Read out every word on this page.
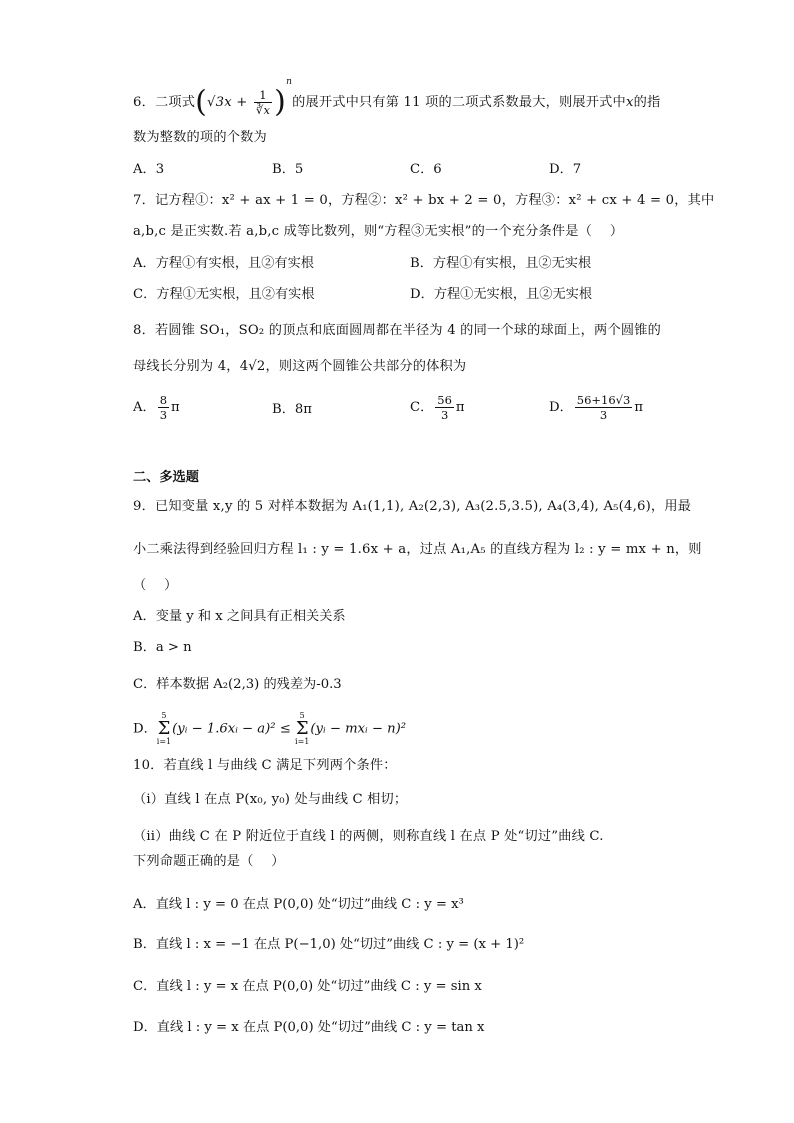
6．二项式$(√3x + \frac{1}{∛x} )^n$的展开式中只有第 11 项的二项式系数最大，则展开式中x的指
数为整数的项的个数为
A．3	B．5	C．6	D．7
7．记方程①：x² + ax + 1 = 0，方程②：x² + bx + 2 = 0，方程③：x² + cx + 4 = 0，其中
a,b,c 是正实数.若 a,b,c 成等比数列，则“方程③无实根”的一个充分条件是（　 ）
A．方程①有实根，且②有实根	B．方程①有实根，且②无实根
C．方程①无实根，且②有实根	D．方程①无实根，且②无实根
8．若圆锥 SO₁，SO₂ 的顶点和底面圆周都在半径为 4 的同一个球的球面上，两个圆锥的
母线长分别为 4，4√2，则这两个圆锥公共部分的体积为
A． $\frac{8}{3}$ π	B．8π	C． $\frac{56}{3}$ π	D． $\frac{56+16√3}{3}$ π
二、多选题
9．已知变量 x,y 的 5 对样本数据为 A₁(1,1), A₂(2,3), A₃(2.5,3.5), A₄(3,4), A₅(4,6)，用最
小二乘法得到经验回归方程 l₁ : y = 1.6x + a，过点 A₁,A₅ 的直线方程为 l₂ : y = mx + n，则
（　 ）
A．变量 y 和 x 之间具有正相关关系
B．a > n
C．样本数据 A₂(2,3) 的残差为-0.3
D．
5
Σ
i=1
(yᵢ − 1.6xᵢ − a)² ≤
5
Σ
i=1
(yᵢ − mxᵢ − n)²
10．若直线 l 与曲线 C 满足下列两个条件：
（i）直线 l 在点 P(x₀, y₀) 处与曲线 C 相切；
（ii）曲线 C 在 P 附近位于直线 l 的两侧，则称直线 l 在点 P 处“切过”曲线 C.
下列命题正确的是（　 ）
A．直线 l : y = 0 在点 P(0,0) 处“切过”曲线 C : y = x³
B．直线 l : x = −1 在点 P(−1,0) 处“切过”曲线 C : y = (x + 1)²
C．直线 l : y = x 在点 P(0,0) 处“切过”曲线 C : y = sin x
D．直线 l : y = x 在点 P(0,0) 处“切过”曲线 C : y = tan x
